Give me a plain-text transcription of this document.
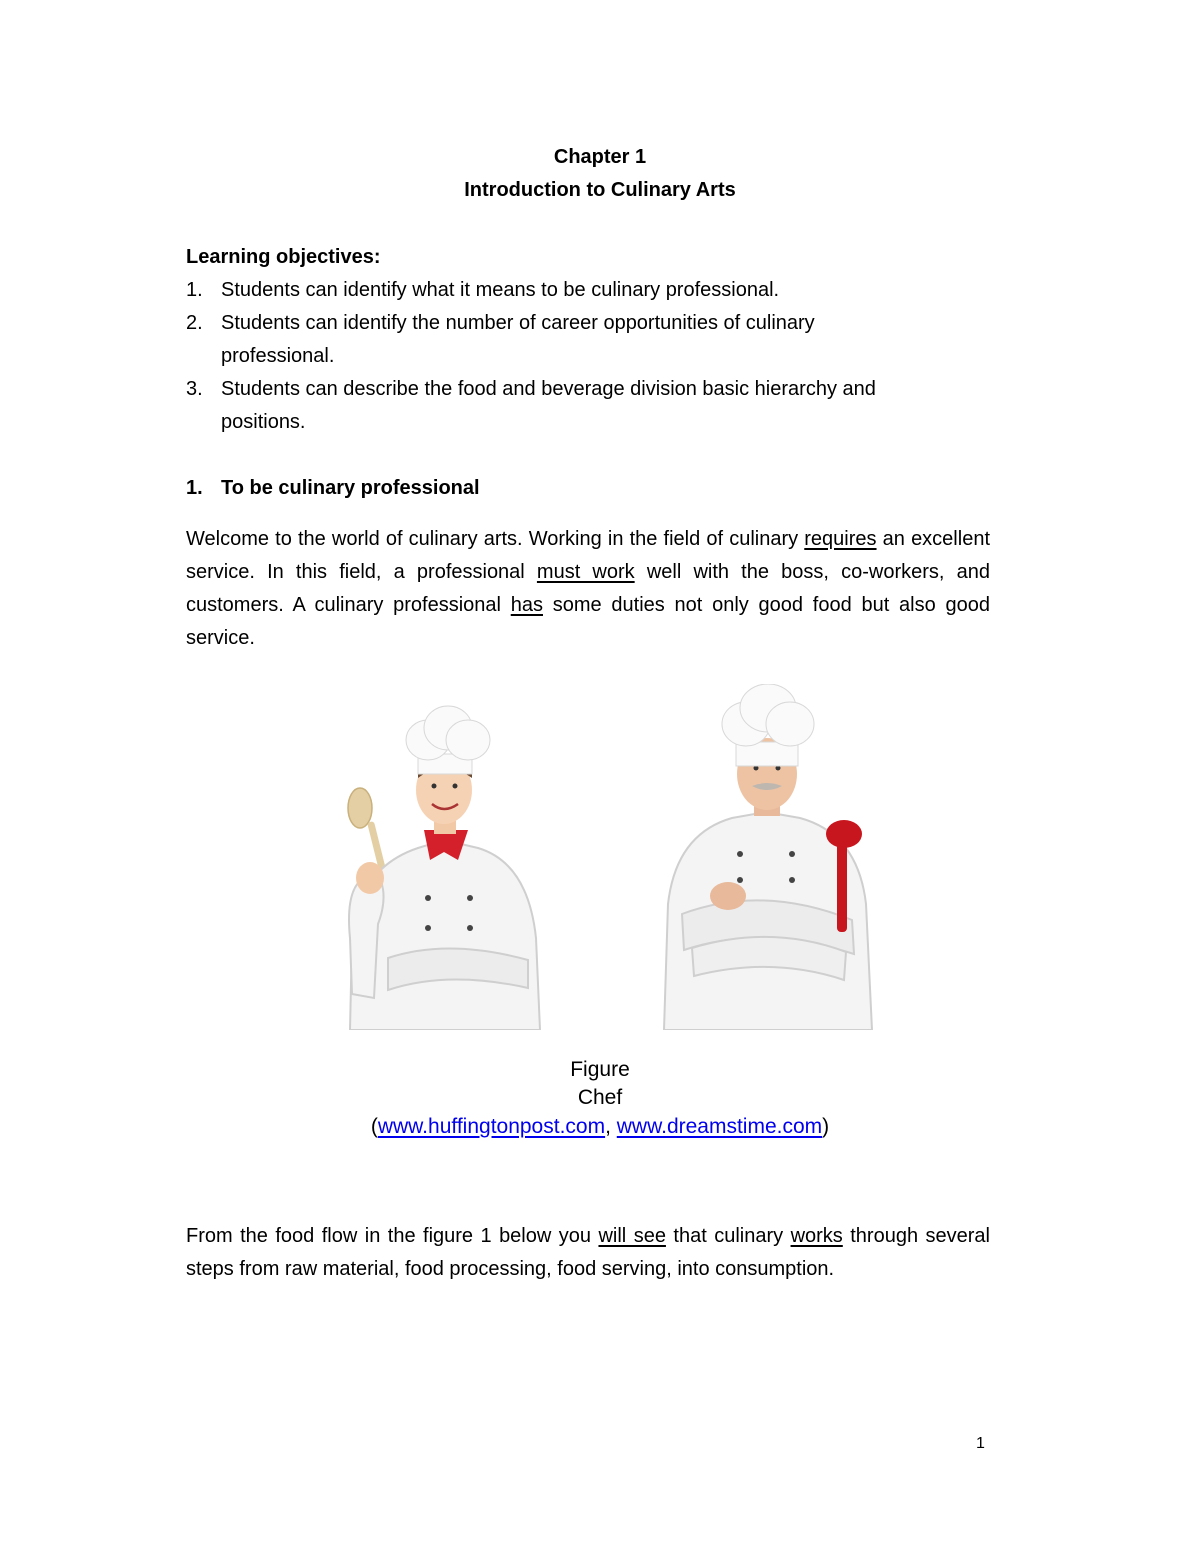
Chapter 1
Introduction to Culinary Arts
Learning objectives:
1. Students can identify what it means to be culinary professional.
2. Students can identify the number of career opportunities of culinary
professional.
3. Students can describe the food and beverage division basic hierarchy and
positions.
1. To be culinary professional
Welcome to the world of culinary arts. Working in the field of culinary requires an excellent service. In this field, a professional must work well with the boss, co-workers, and customers. A culinary professional has some duties not only good food but also good service.
Figure
Chef
(www.huffingtonpost.com, www.dreamstime.com)
From the food flow in the figure 1 below you will see that culinary works through several steps from raw material, food processing, food serving, into consumption.
1
